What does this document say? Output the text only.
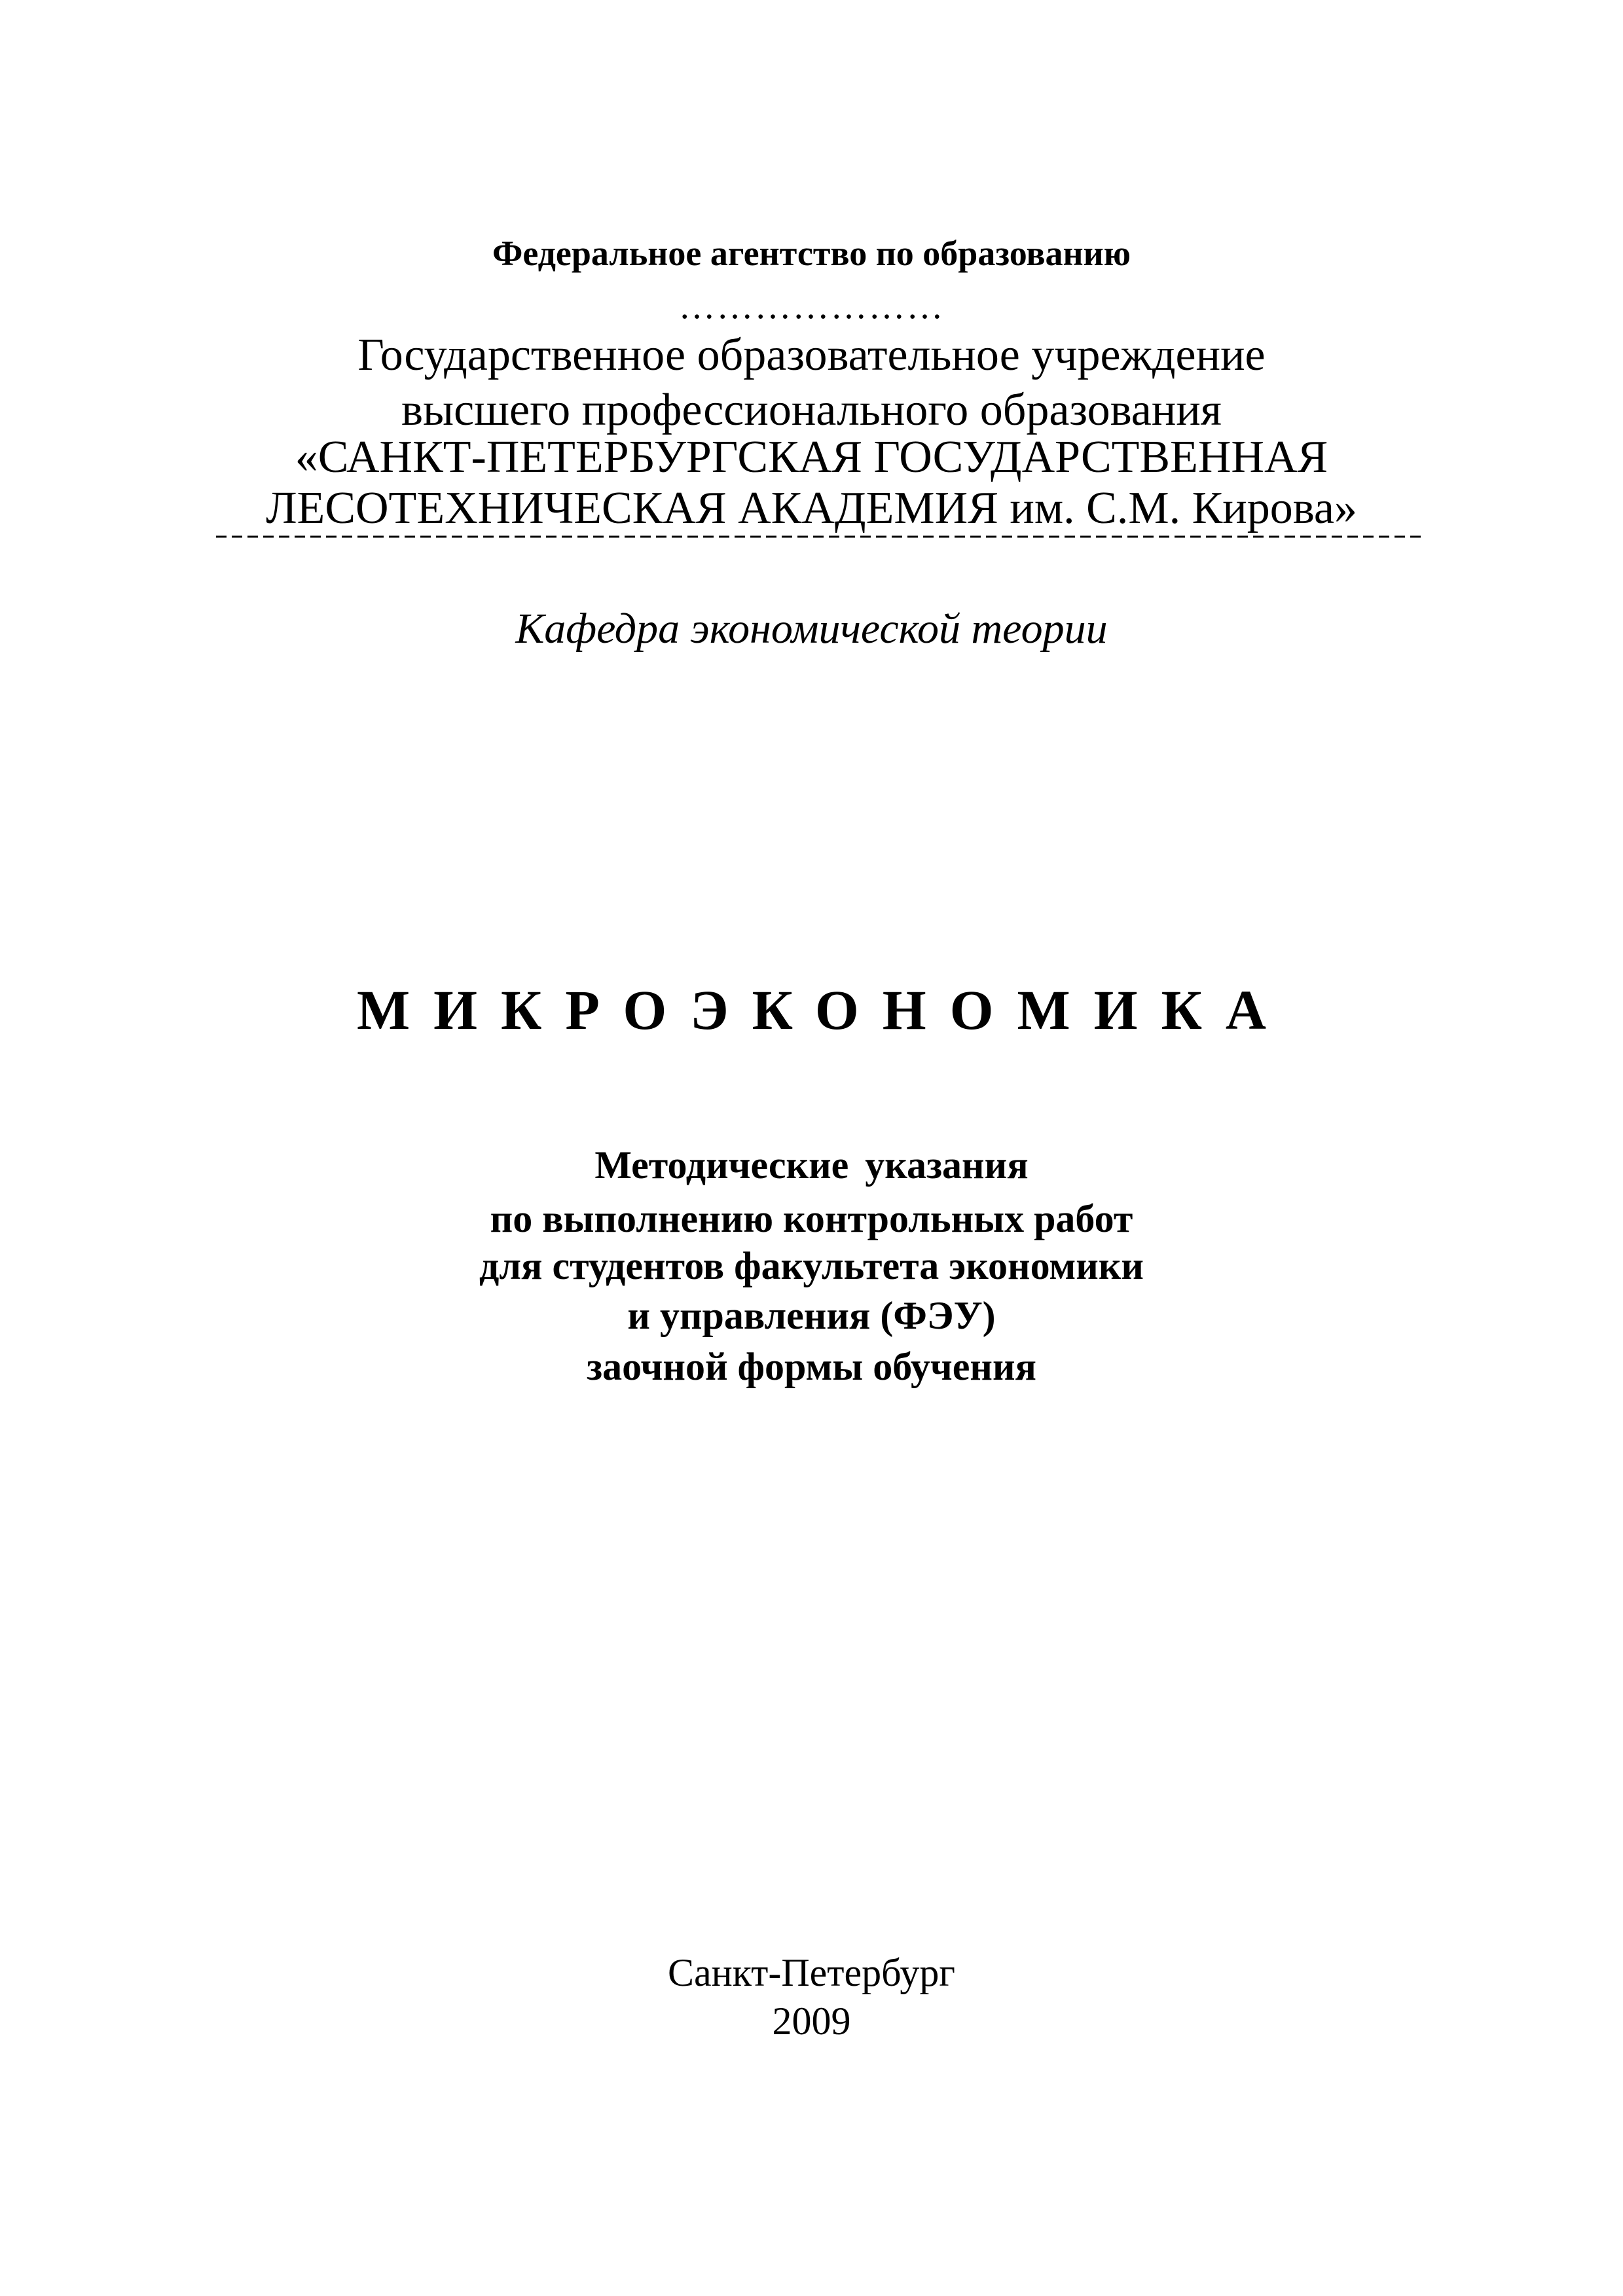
Федеральное агентство по образованию
…………………
Государственное образовательное учреждение
высшего профессионального образования
«САНКТ-ПЕТЕРБУРГСКАЯ ГОСУДАРСТВЕННАЯ
ЛЕСОТЕХНИЧЕСКАЯ АКАДЕМИЯ им. С.М. Кирова»
Кафедра экономической теории
МИКРОЭКОНОМИКА
Методические указания
по выполнению контрольных работ
для студентов факультета экономики
и управления (ФЭУ)
заочной формы обучения
Санкт-Петербург
2009
